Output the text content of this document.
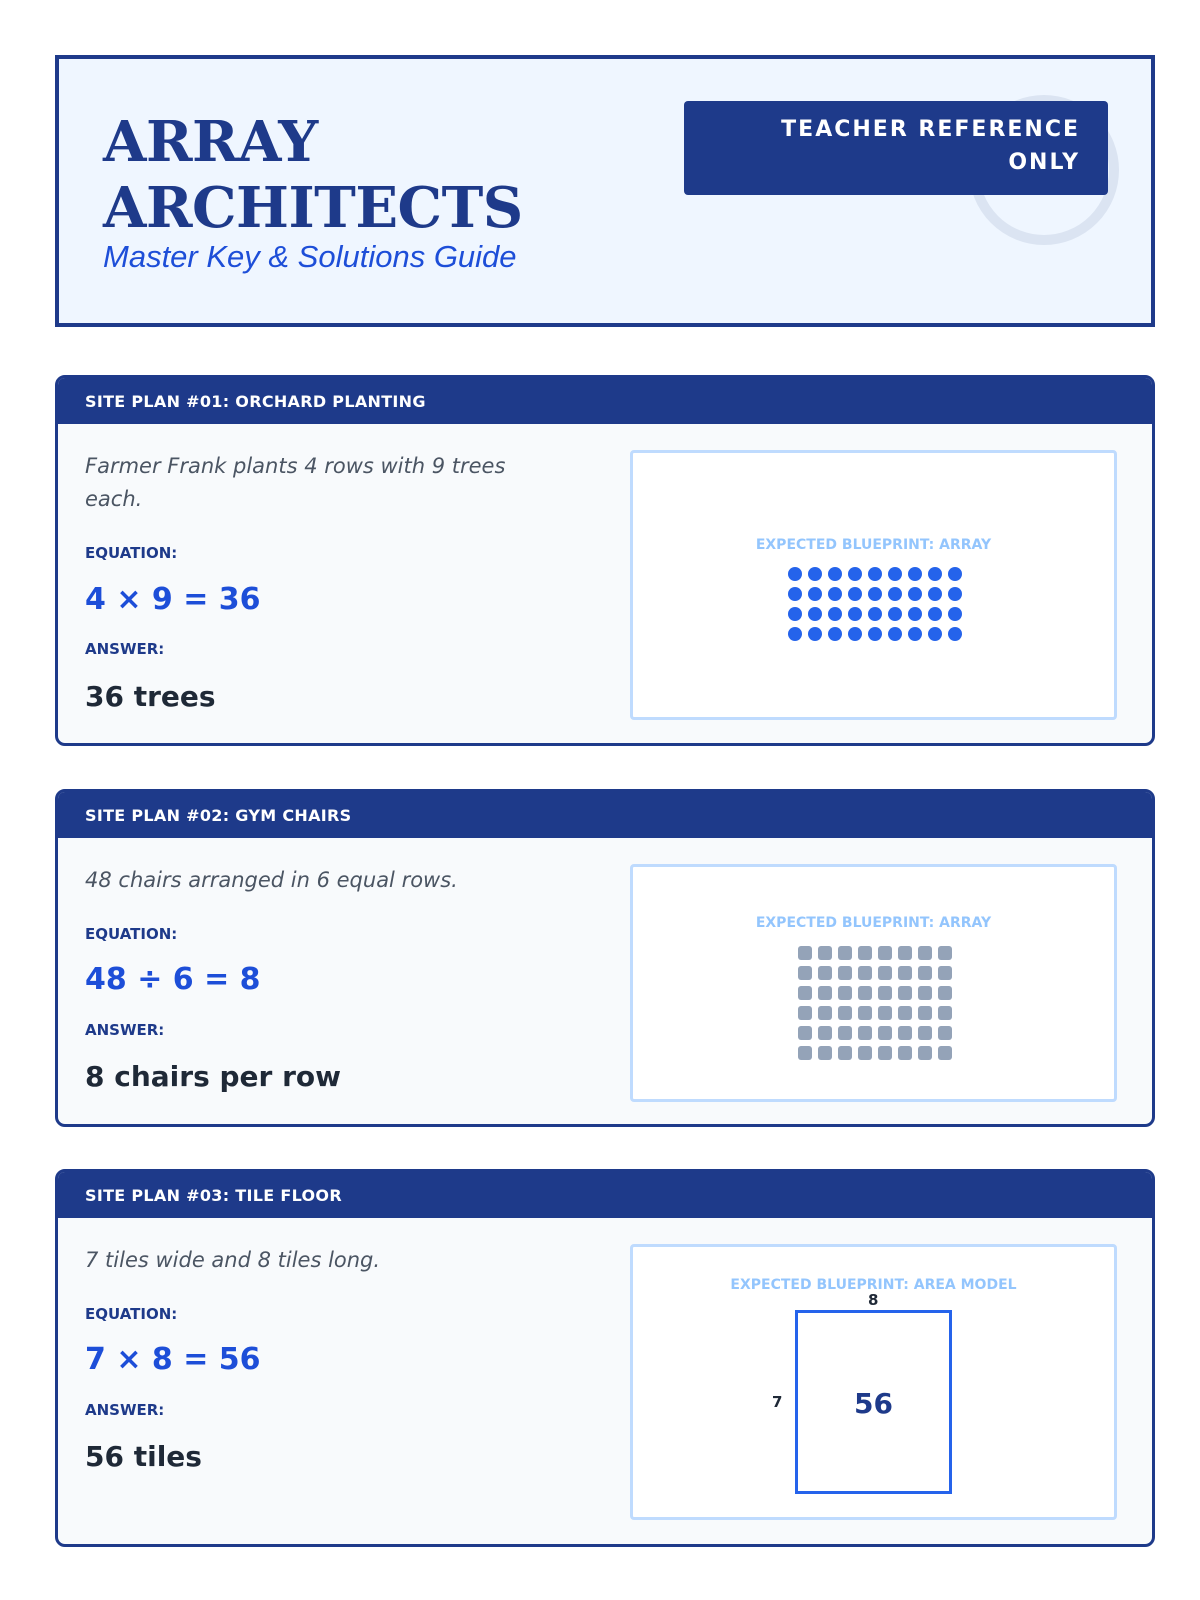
ARRAY
ARCHITECTS
Master Key & Solutions Guide
TEACHER REFERENCE
ONLY
SITE PLAN #01: ORCHARD PLANTING
Farmer Frank plants 4 rows with 9 trees each.
EQUATION:
4 × 9 = 36
ANSWER:
36 trees
EXPECTED BLUEPRINT: ARRAY
SITE PLAN #02: GYM CHAIRS
48 chairs arranged in 6 equal rows.
EQUATION:
48 ÷ 6 = 8
ANSWER:
8 chairs per row
EXPECTED BLUEPRINT: ARRAY
SITE PLAN #03: TILE FLOOR
7 tiles wide and 8 tiles long.
EQUATION:
7 × 8 = 56
ANSWER:
56 tiles
EXPECTED BLUEPRINT: AREA MODEL
8
7	56
